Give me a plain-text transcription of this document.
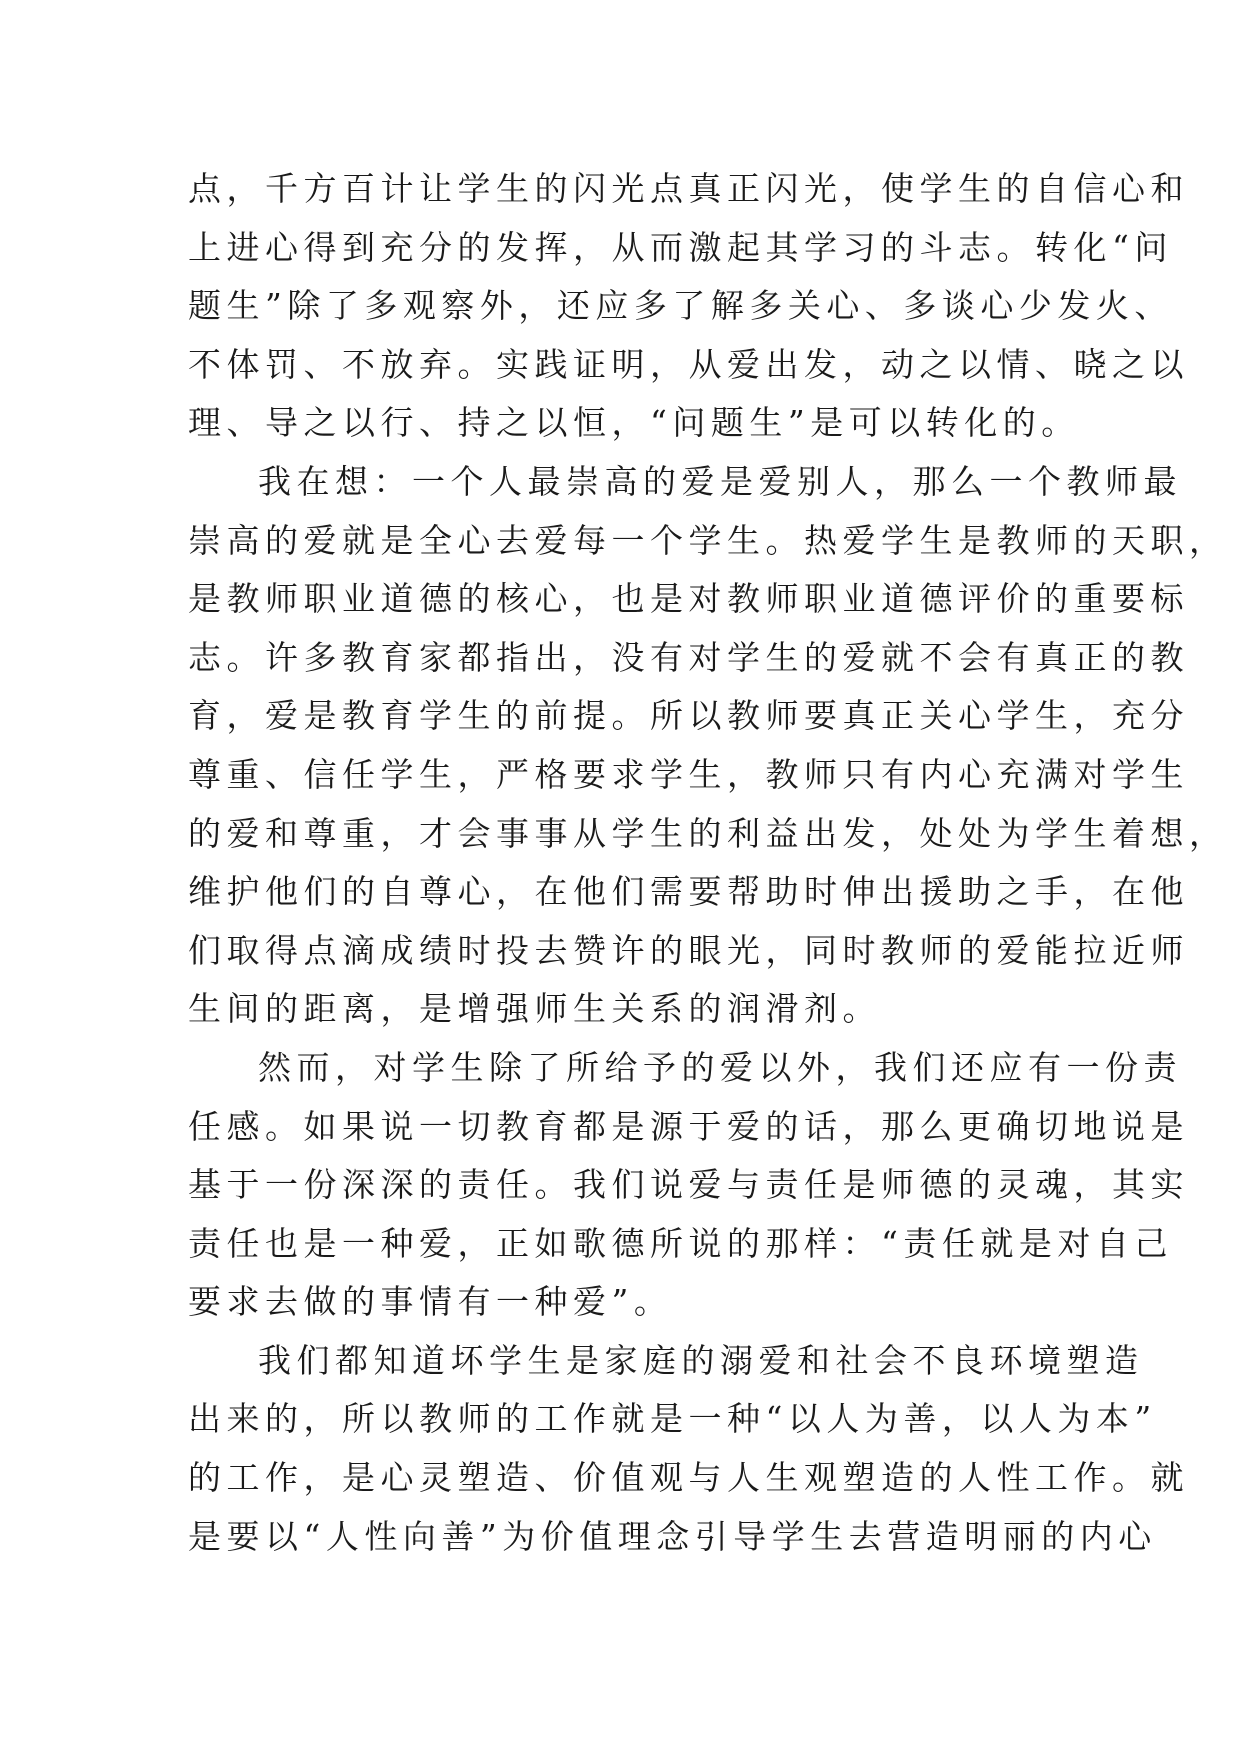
点，千方百计让学生的闪光点真正闪光，使学生的自信心和
上进心得到充分的发挥，从而激起其学习的斗志。转化“问
题生”除了多观察外，还应多了解多关心、多谈心少发火、
不体罚、不放弃。实践证明，从爱出发，动之以情、晓之以
理、导之以行、持之以恒，“问题生”是可以转化的。
我在想：一个人最崇高的爱是爱别人，那么一个教师最
崇高的爱就是全心去爱每一个学生。热爱学生是教师的天职，
是教师职业道德的核心，也是对教师职业道德评价的重要标
志。许多教育家都指出，没有对学生的爱就不会有真正的教
育，爱是教育学生的前提。所以教师要真正关心学生，充分
尊重、信任学生，严格要求学生，教师只有内心充满对学生
的爱和尊重，才会事事从学生的利益出发，处处为学生着想，
维护他们的自尊心，在他们需要帮助时伸出援助之手，在他
们取得点滴成绩时投去赞许的眼光，同时教师的爱能拉近师
生间的距离，是增强师生关系的润滑剂。
然而，对学生除了所给予的爱以外，我们还应有一份责
任感。如果说一切教育都是源于爱的话，那么更确切地说是
基于一份深深的责任。我们说爱与责任是师德的灵魂，其实
责任也是一种爱，正如歌德所说的那样：“责任就是对自己
要求去做的事情有一种爱”。
我们都知道坏学生是家庭的溺爱和社会不良环境塑造
出来的，所以教师的工作就是一种“以人为善，以人为本”
的工作，是心灵塑造、价值观与人生观塑造的人性工作。就
是要以“人性向善”为价值理念引导学生去营造明丽的内心
